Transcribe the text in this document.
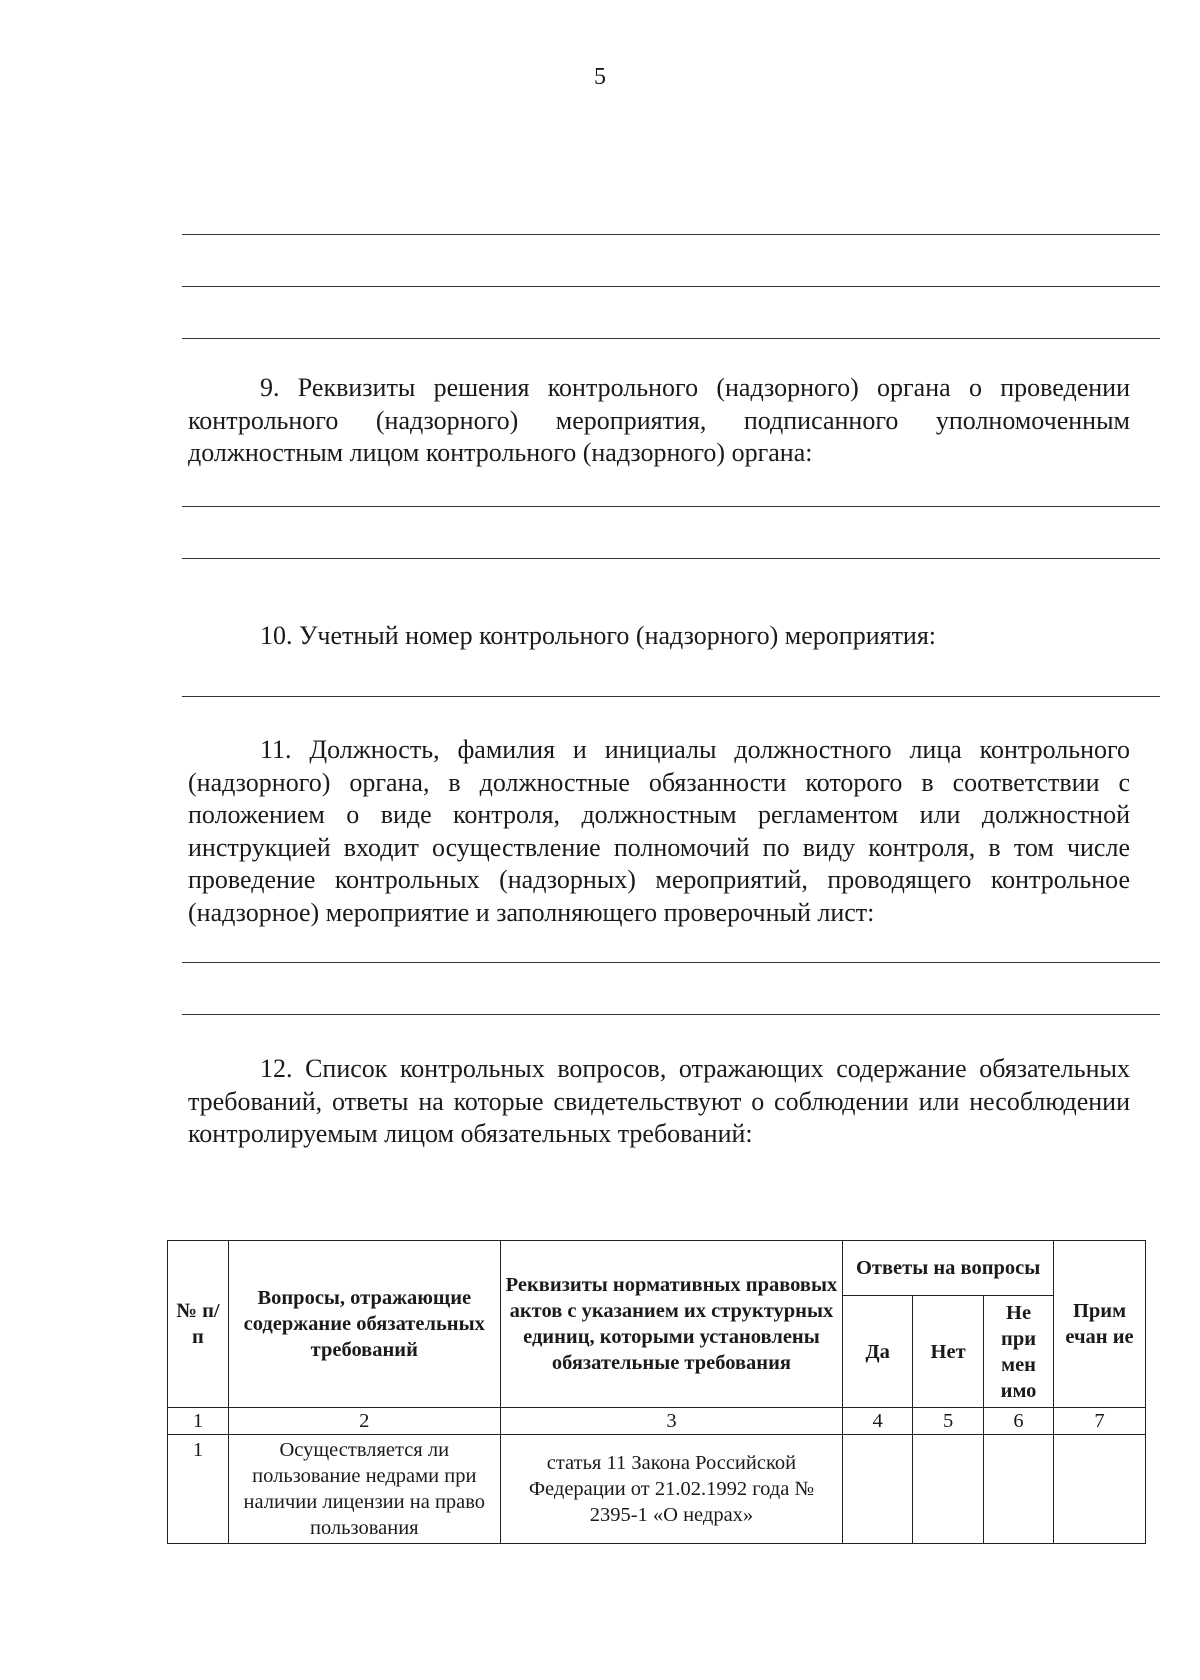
5
9. Реквизиты решения контрольного (надзорного) органа о проведении контрольного (надзорного) мероприятия, подписанного уполномоченным должностным лицом контрольного (надзорного) органа:
10. Учетный номер контрольного (надзорного) мероприятия:
11. Должность, фамилия и инициалы должностного лица контрольного (надзорного) органа, в должностные обязанности которого в соответствии с положением о виде контроля, должностным регламентом или должностной инструкцией входит осуществление полномочий по виду контроля, в том числе проведение контрольных (надзорных) мероприятий, проводящего контрольное (надзорное) мероприятие и заполняющего проверочный лист:
12. Список контрольных вопросов, отражающих содержание обязательных требований, ответы на которые свидетельствуют о соблюдении или несоблюдении контролируемым лицом обязательных требований:
№ п/п	Вопросы, отражающие содержание обязательных требований	Реквизиты нормативных правовых актов с указанием их структурных единиц, которыми установлены обязательные требования	Ответы на вопросы			Прим ечан ие
			Да	Нет	Не при мен имо	
1	2	3	4	5	6	7
1	Осуществляется ли пользование недрами при наличии лицензии на право пользования	статья 11 Закона Российской Федерации от 21.02.1992 года № 2395-1 «О недрах»				
